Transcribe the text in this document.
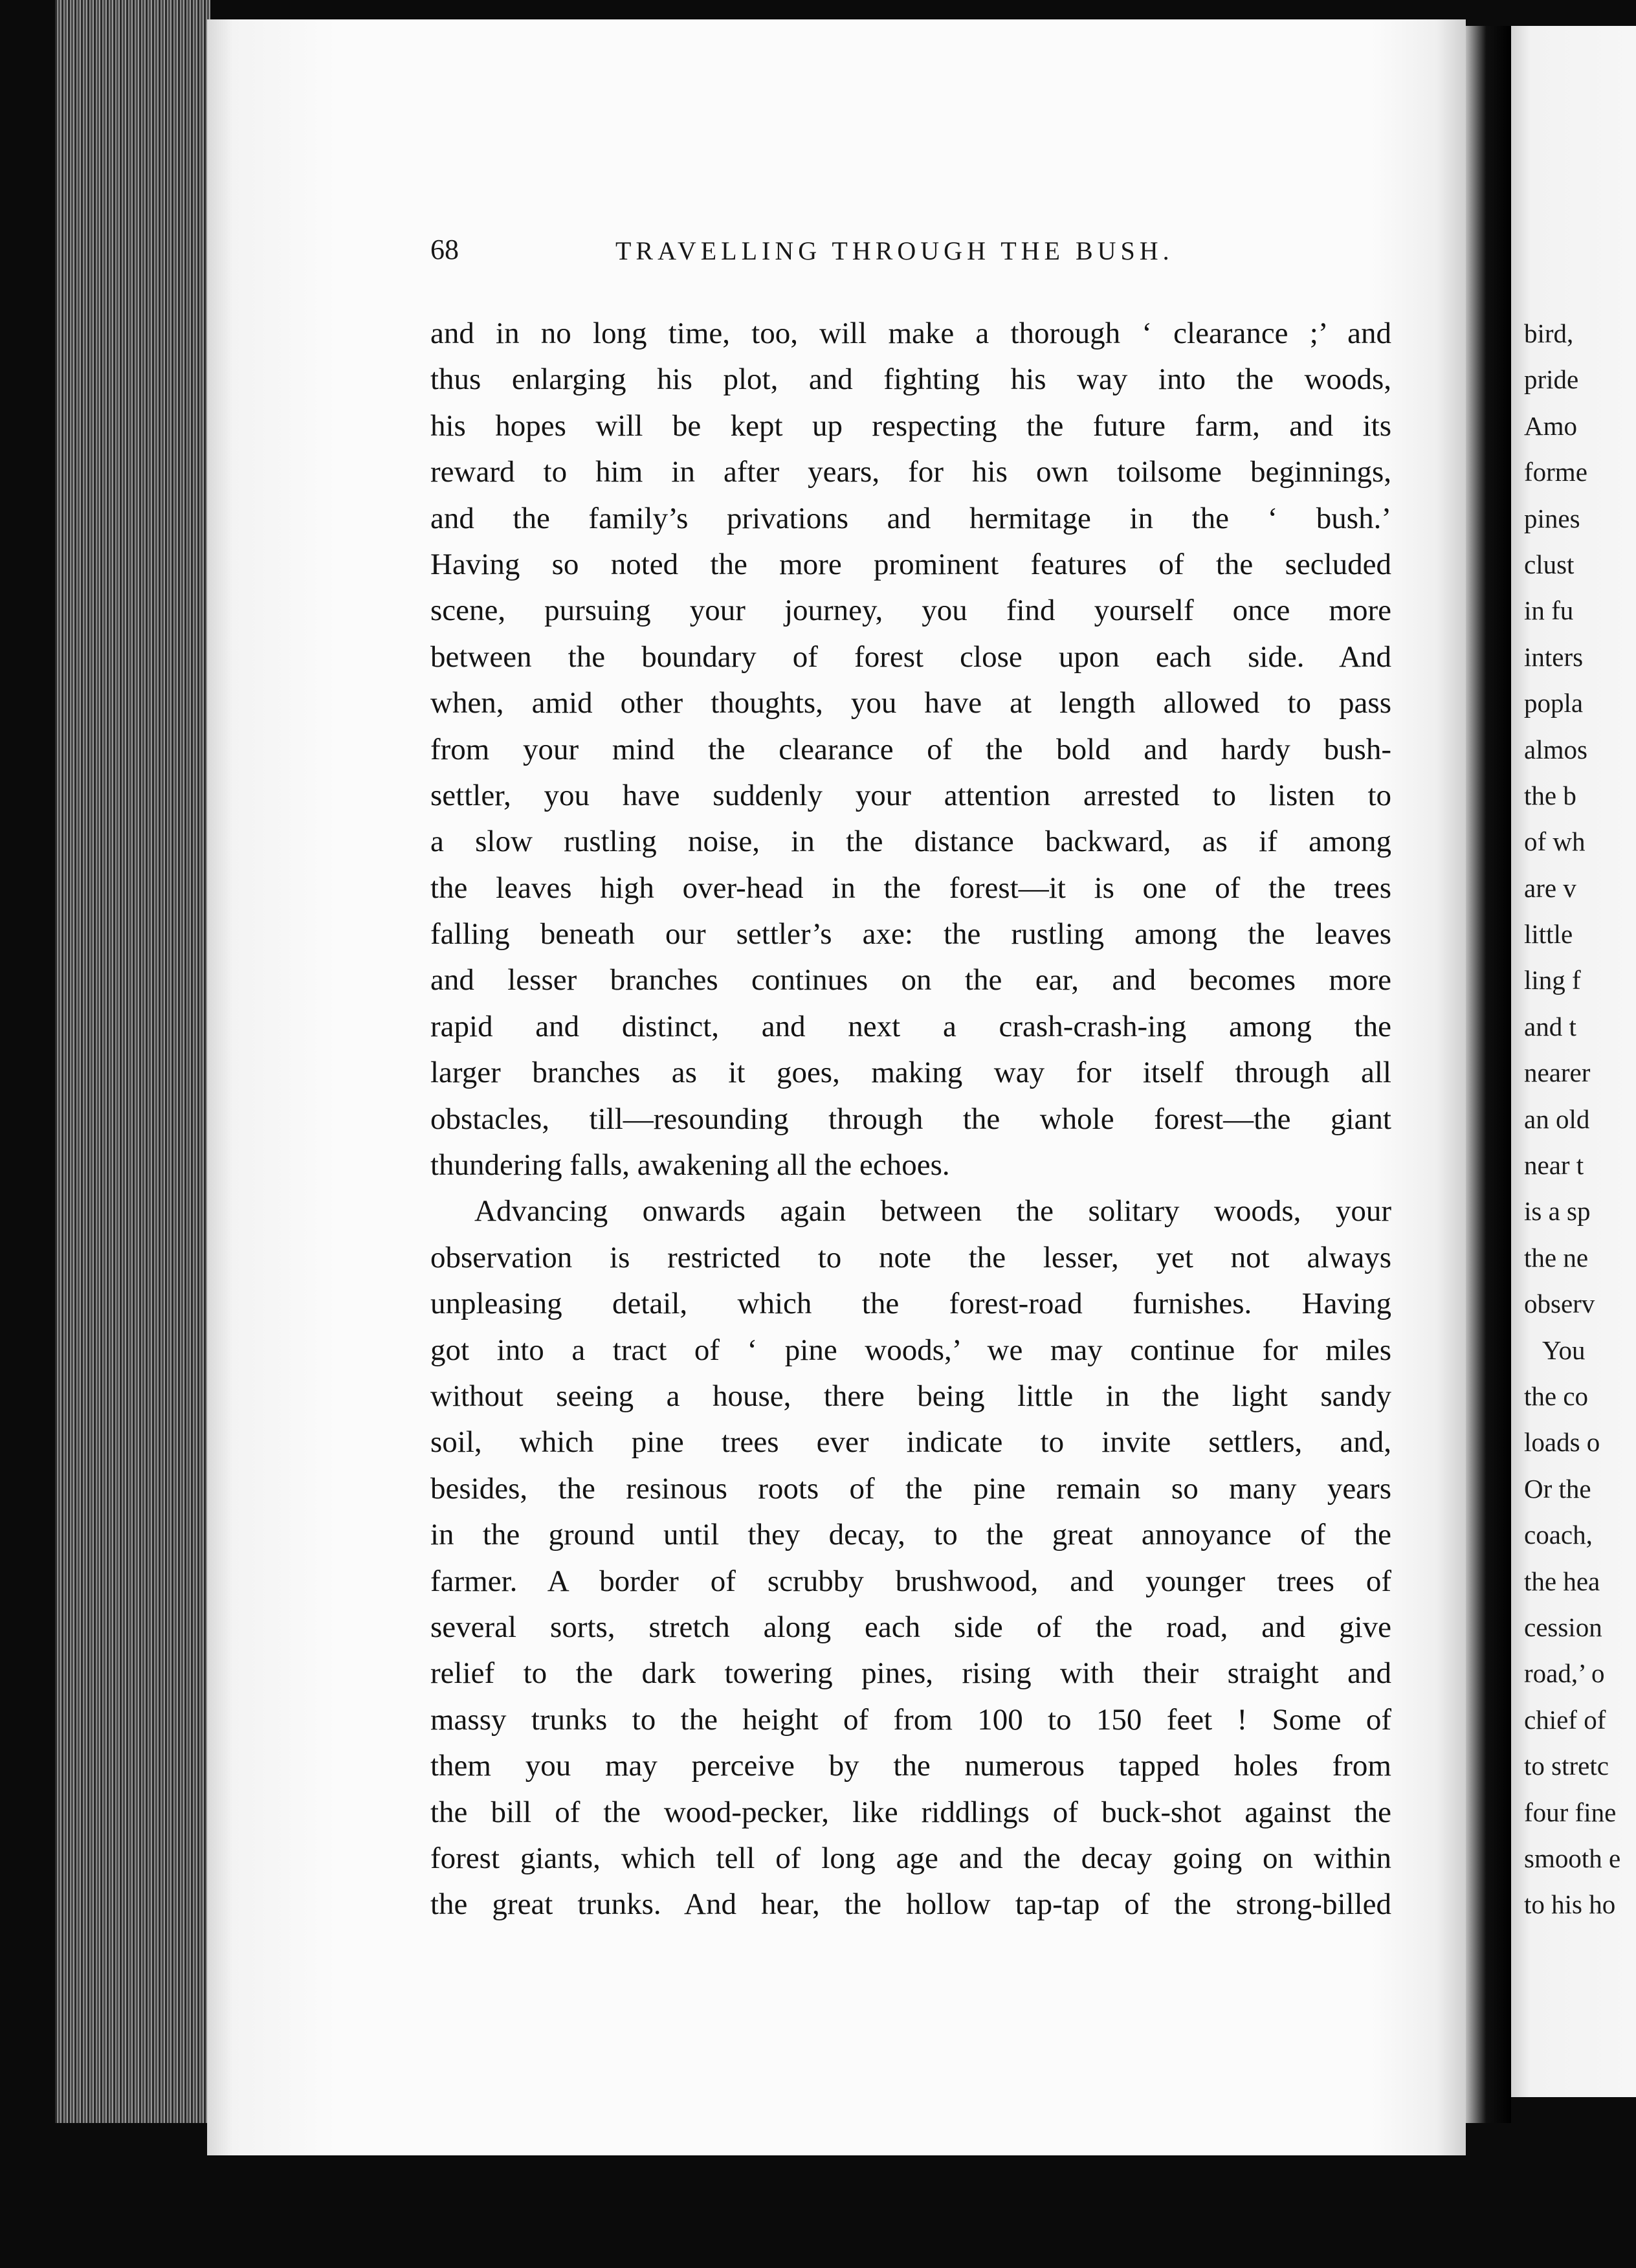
68	TRAVELLING THROUGH THE BUSH.
and in no long time, too, will make a thorough ‘ clearance ;’ and
thus enlarging his plot, and fighting his way into the woods,
his hopes will be kept up respecting the future farm, and its
reward to him in after years, for his own toilsome beginnings,
and the family’s privations and hermitage in the ‘ bush.’
Having so noted the more prominent features of the secluded
scene, pursuing your journey, you find yourself once more
between the boundary of forest close upon each side. And
when, amid other thoughts, you have at length allowed to pass
from your mind the clearance of the bold and hardy bush-
settler, you have suddenly your attention arrested to listen to
a slow rustling noise, in the distance backward, as if among
the leaves high over-head in the forest—it is one of the trees
falling beneath our settler’s axe: the rustling among the leaves
and lesser branches continues on the ear, and becomes more
rapid and distinct, and next a crash-crash-ing among the
larger branches as it goes, making way for itself through all
obstacles, till—resounding through the whole forest—the giant
thundering falls, awakening all the echoes.
Advancing onwards again between the solitary woods, your
observation is restricted to note the lesser, yet not always
unpleasing detail, which the forest-road furnishes. Having
got into a tract of ‘ pine woods,’ we may continue for miles
without seeing a house, there being little in the light sandy
soil, which pine trees ever indicate to invite settlers, and,
besides, the resinous roots of the pine remain so many years
in the ground until they decay, to the great annoyance of the
farmer. A border of scrubby brushwood, and younger trees of
several sorts, stretch along each side of the road, and give
relief to the dark towering pines, rising with their straight and
massy trunks to the height of from 100 to 150 feet ! Some of
them you may perceive by the numerous tapped holes from
the bill of the wood-pecker, like riddlings of buck-shot against the
forest giants, which tell of long age and the decay going on within
the great trunks. And hear, the hollow tap-tap of the strong-billed
bird,
pride
Amo
forme
pines
clust
in fu
inters
popla
almos
the b
of wh
are v
little
ling f
and t
nearer
an old
near t
is a sp
the ne
observ
You
the co
loads o
Or the
coach,
the hea
cession
road,’ o
chief of
to stretc
four fine
smooth e
to his ho
